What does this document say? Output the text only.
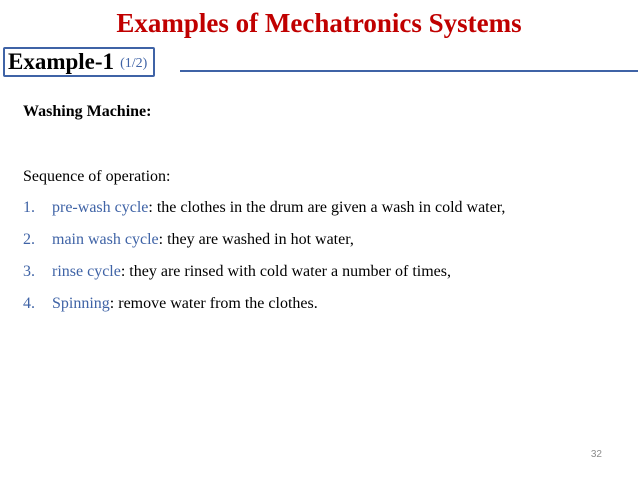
Examples of Mechatronics Systems
Example-1 (1/2)
Washing Machine:
Sequence of operation:
1.	pre-wash cycle: the clothes in the drum are given a wash in cold water,
2.	main wash cycle: they are washed in hot water,
3.	rinse cycle: they are rinsed with cold water a number of times,
4.	Spinning: remove water from the clothes.
32
